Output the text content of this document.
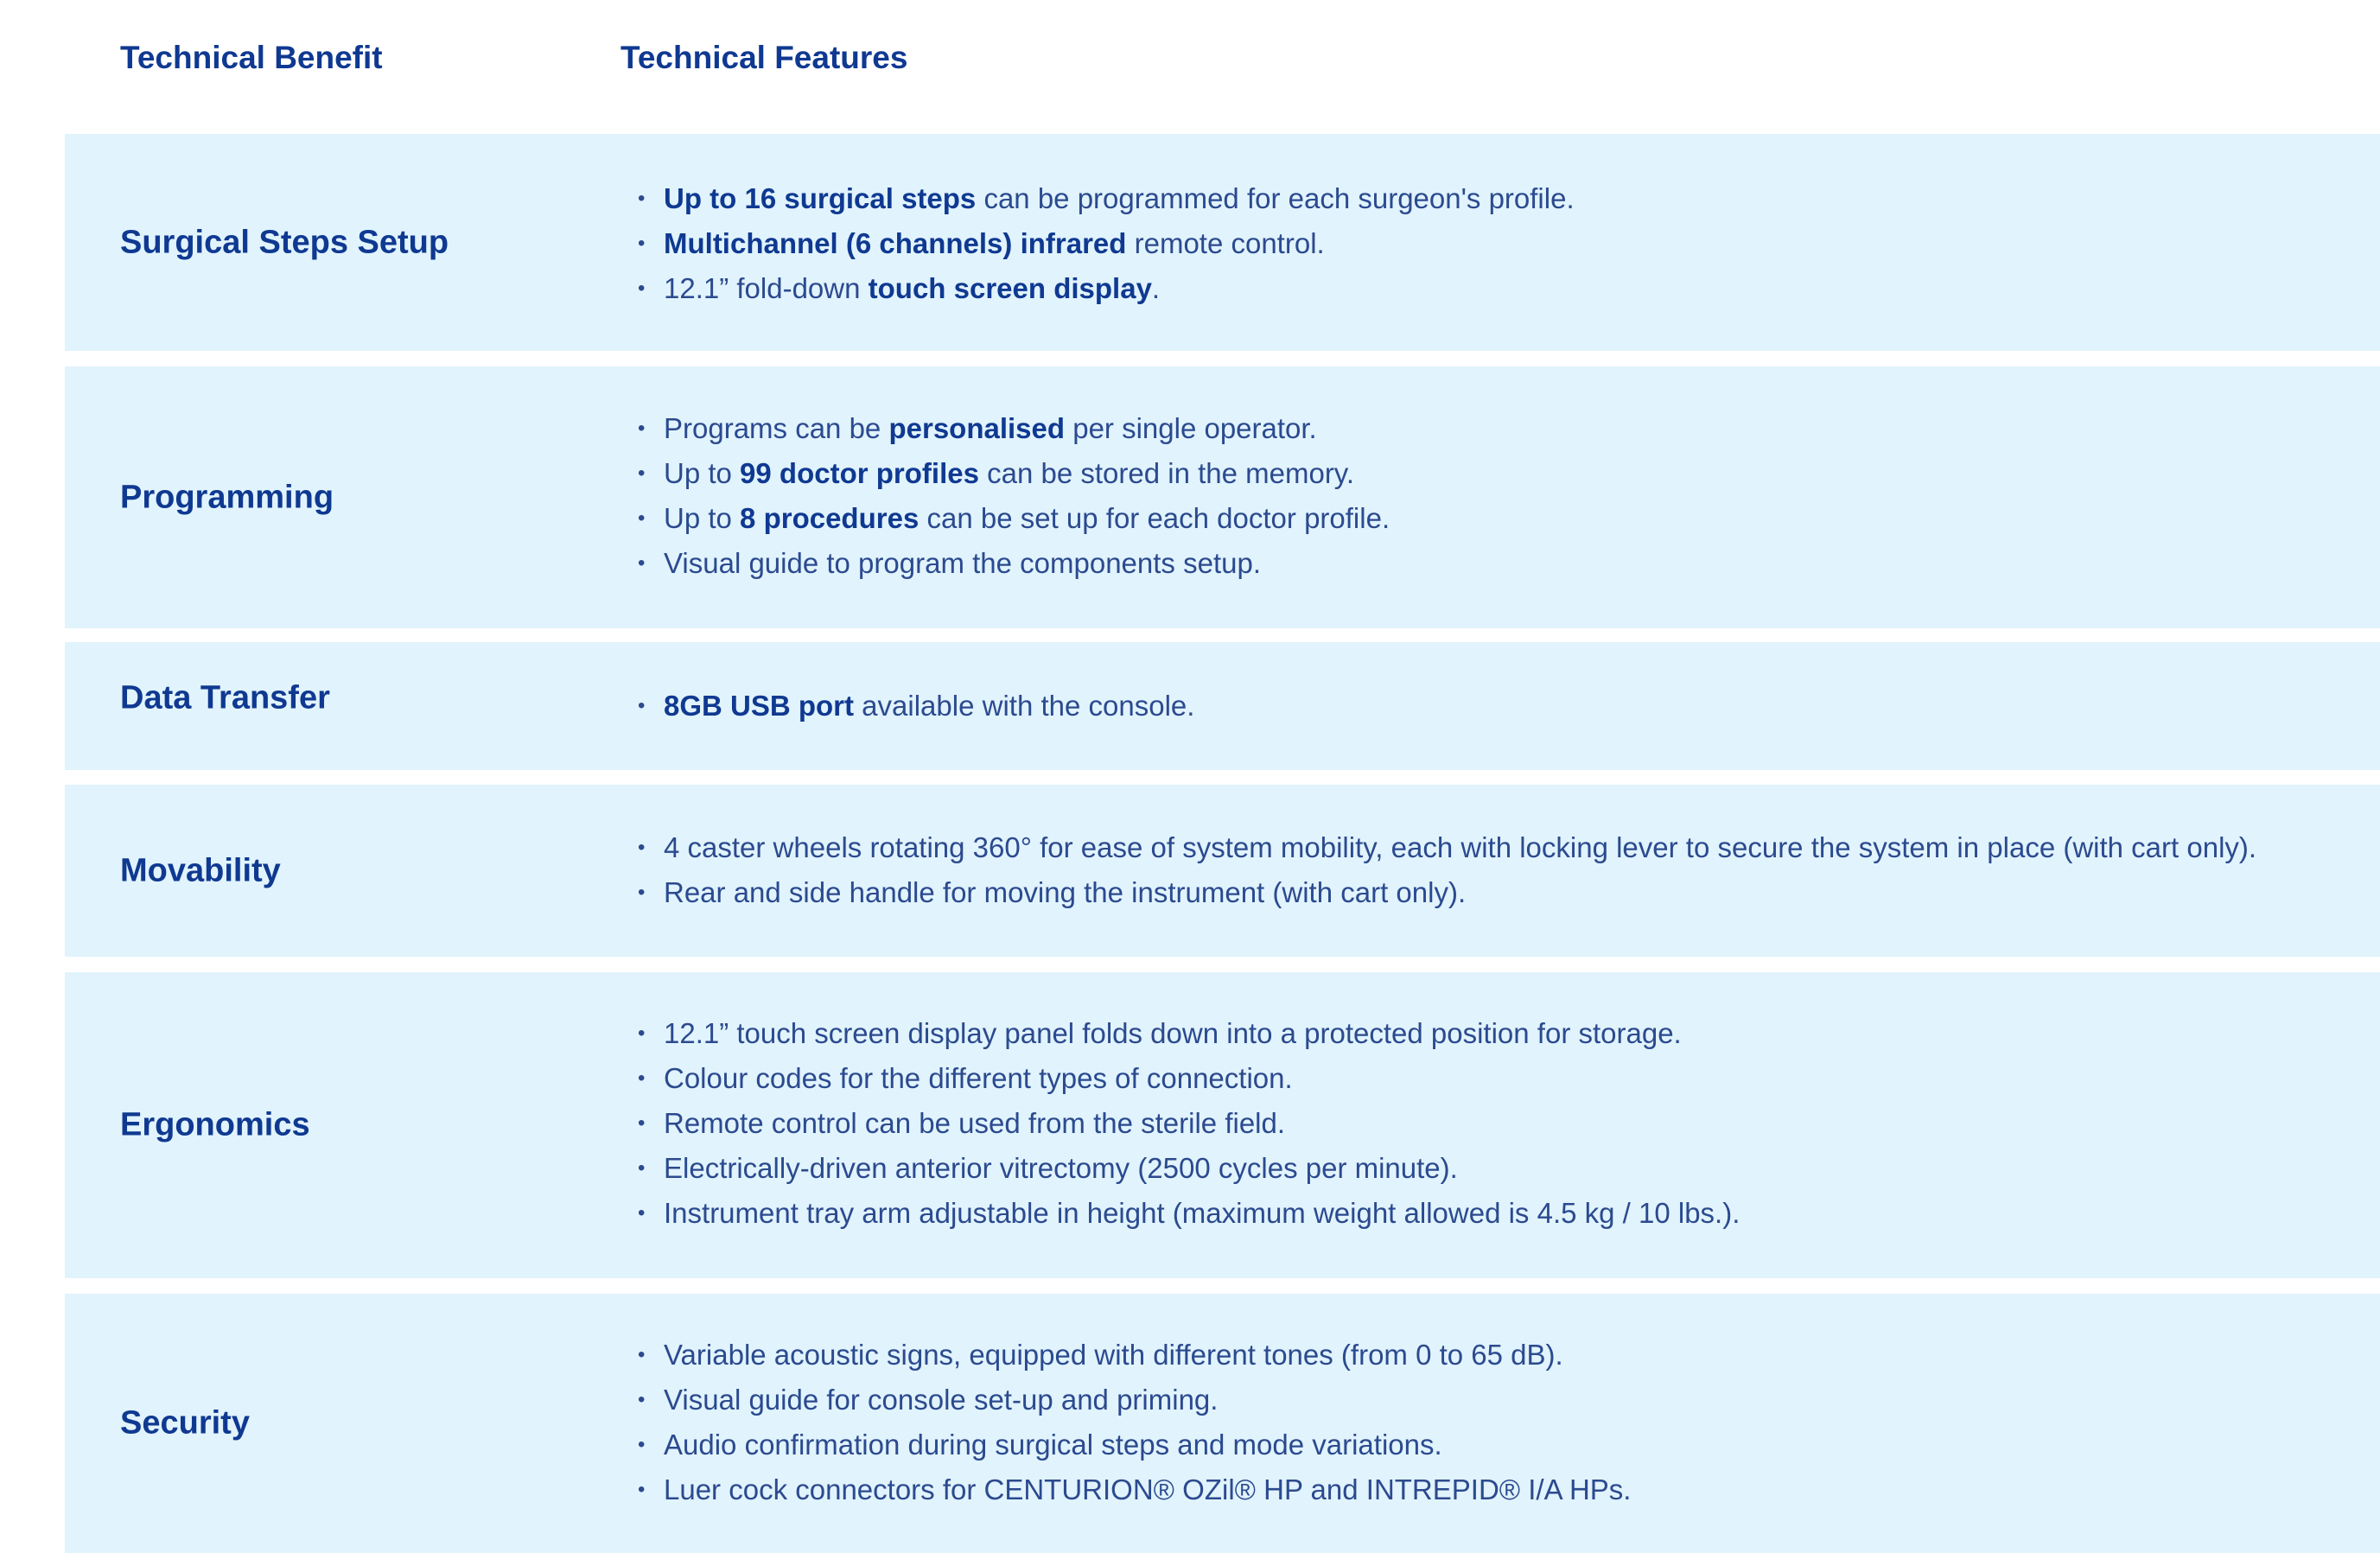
Technical Benefit	Technical Features
Surgical Steps Setup
• Up to 16 surgical steps can be programmed for each surgeon's profile.
• Multichannel (6 channels) infrared remote control.
• 12.1” fold-down touch screen display.
Programming
• Programs can be personalised per single operator.
• Up to 99 doctor profiles can be stored in the memory.
• Up to 8 procedures can be set up for each doctor profile.
• Visual guide to program the components setup.
Data Transfer	• 8GB USB port available with the console.
Movability
• 4 caster wheels rotating 360° for ease of system mobility, each with locking lever to secure the system in place (with cart only).
• Rear and side handle for moving the instrument (with cart only).
Ergonomics
• 12.1” touch screen display panel folds down into a protected position for storage.
• Colour codes for the different types of connection.
• Remote control can be used from the sterile field.
• Electrically-driven anterior vitrectomy (2500 cycles per minute).
• Instrument tray arm adjustable in height (maximum weight allowed is 4.5 kg / 10 lbs.).
Security
• Variable acoustic signs, equipped with different tones (from 0 to 65 dB).
• Visual guide for console set-up and priming.
• Audio confirmation during surgical steps and mode variations.
• Luer cock connectors for CENTURION® OZil® HP and INTREPID® I/A HPs.
